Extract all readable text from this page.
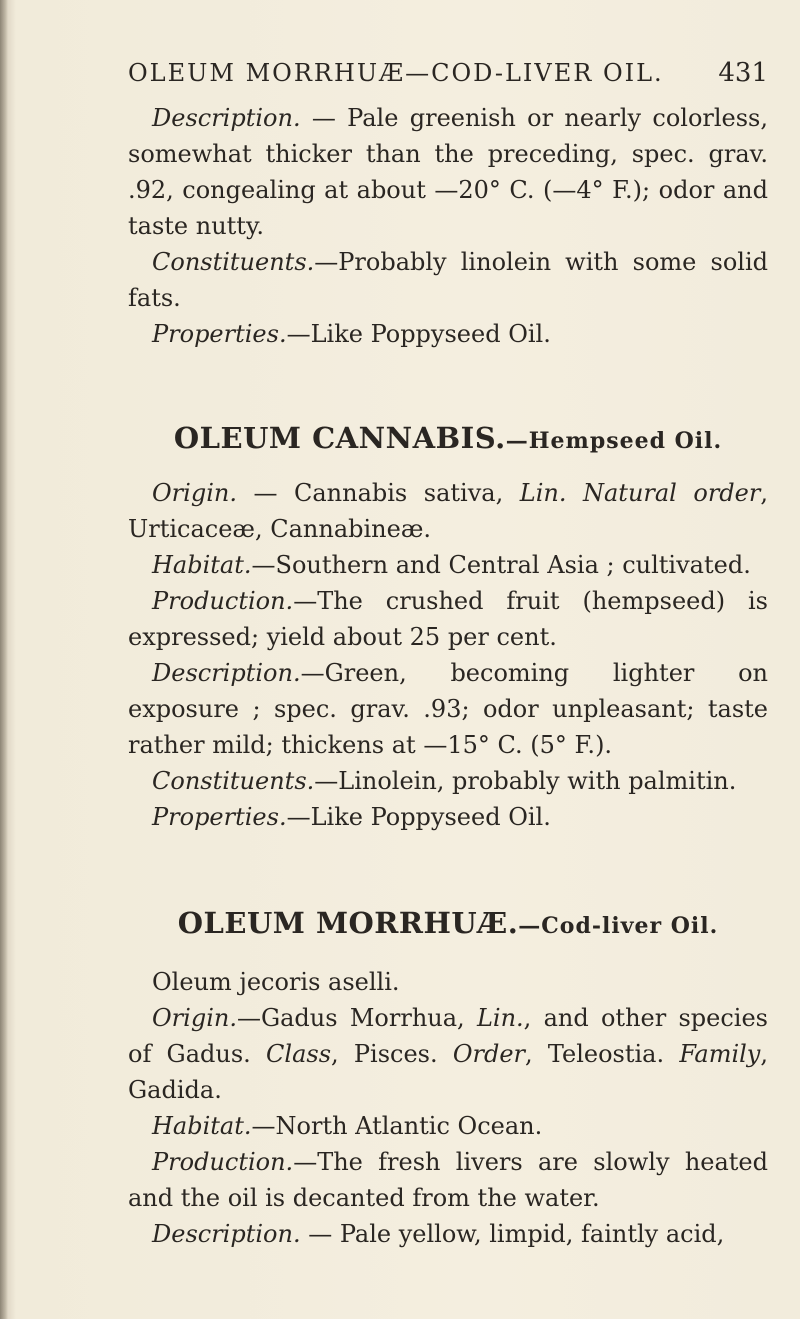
OLEUM MORRHUÆ—COD-LIVER OIL. 431

Description. — Pale greenish or nearly colorless, somewhat thicker than the preceding, spec. grav. .92, congealing at about —20° C. (—4° F.); odor and taste nutty.

Constituents.—Probably linolein with some solid fats.

Properties.—Like Poppyseed Oil.

OLEUM CANNABIS.—Hempseed Oil.

Origin. — Cannabis sativa, Lin. Natural order, Urticaceæ, Cannabineæ.

Habitat.—Southern and Central Asia ; cultivated.

Production.—The crushed fruit (hempseed) is expressed; yield about 25 per cent.

Description.—Green, becoming lighter on exposure ; spec. grav. .93; odor unpleasant; taste rather mild; thickens at —15° C. (5° F.).

Constituents.—Linolein, probably with palmitin.

Properties.—Like Poppyseed Oil.

OLEUM MORRHUÆ.—Cod-liver Oil.

Oleum jecoris aselli.

Origin.—Gadus Morrhua, Lin., and other species of Gadus. Class, Pisces. Order, Teleostia. Family, Gadida.

Habitat.—North Atlantic Ocean.

Production.—The fresh livers are slowly heated and the oil is decanted from the water.

Description. — Pale yellow, limpid, faintly acid,
